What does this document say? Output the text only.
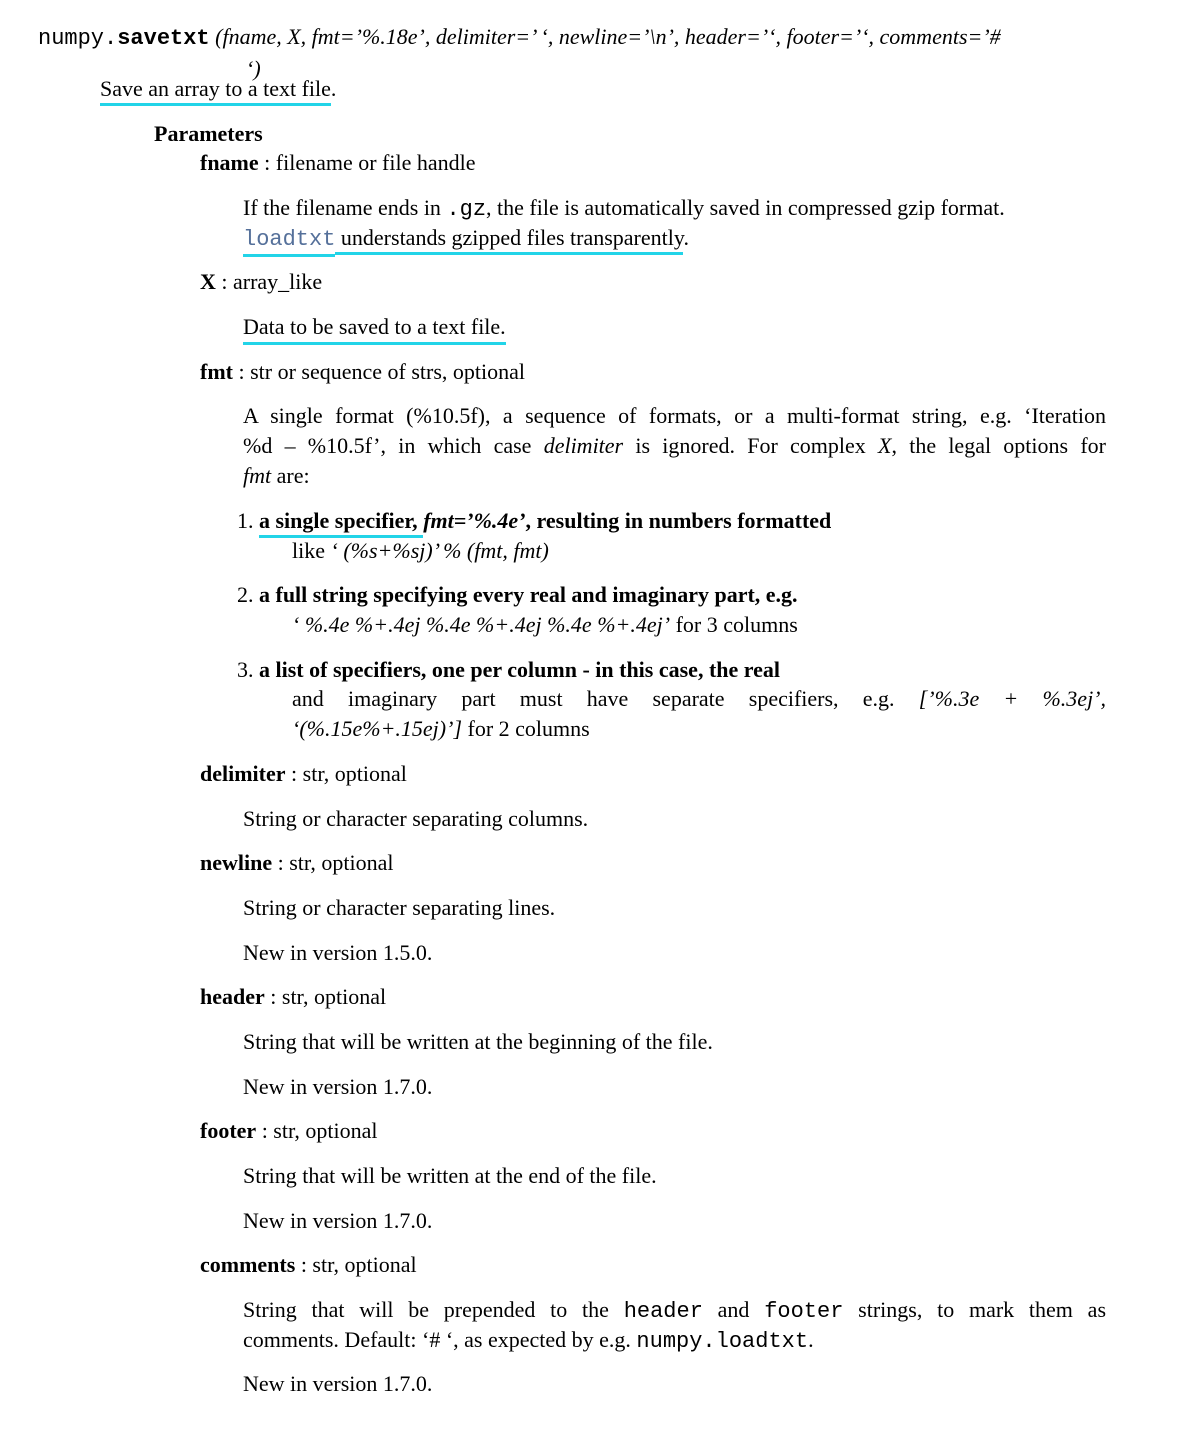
numpy.savetxt (fname, X, fmt=’%.18e’, delimiter=’ ‘, newline=’\n’, header=’‘, footer=’‘, comments=’#
‘)
Save an array to a text file.
Parameters
fname : filename or file handle
If the filename ends in .gz, the file is automatically saved in compressed gzip format.
loadtxt understands gzipped files transparently.
X : array_like
Data to be saved to a text file.
fmt : str or sequence of strs, optional
A single format (%10.5f), a sequence of formats, or a multi-format string, e.g. ‘Iteration
%d – %10.5f’, in which case delimiter is ignored. For complex X, the legal options for
fmt are:
1. a single specifier, fmt=’%.4e’, resulting in numbers formatted
like ‘ (%s+%sj)’ % (fmt, fmt)
2. a full string specifying every real and imaginary part, e.g.
‘ %.4e %+.4ej %.4e %+.4ej %.4e %+.4ej’ for 3 columns
3. a list of specifiers, one per column - in this case, the real
and imaginary part must have separate specifiers, e.g. [’%.3e + %.3ej’,
‘(%.15e%+.15ej)’] for 2 columns
delimiter : str, optional
String or character separating columns.
newline : str, optional
String or character separating lines.
New in version 1.5.0.
header : str, optional
String that will be written at the beginning of the file.
New in version 1.7.0.
footer : str, optional
String that will be written at the end of the file.
New in version 1.7.0.
comments : str, optional
String that will be prepended to the header and footer strings, to mark them as
comments. Default: ‘# ‘, as expected by e.g. numpy.loadtxt.
New in version 1.7.0.
